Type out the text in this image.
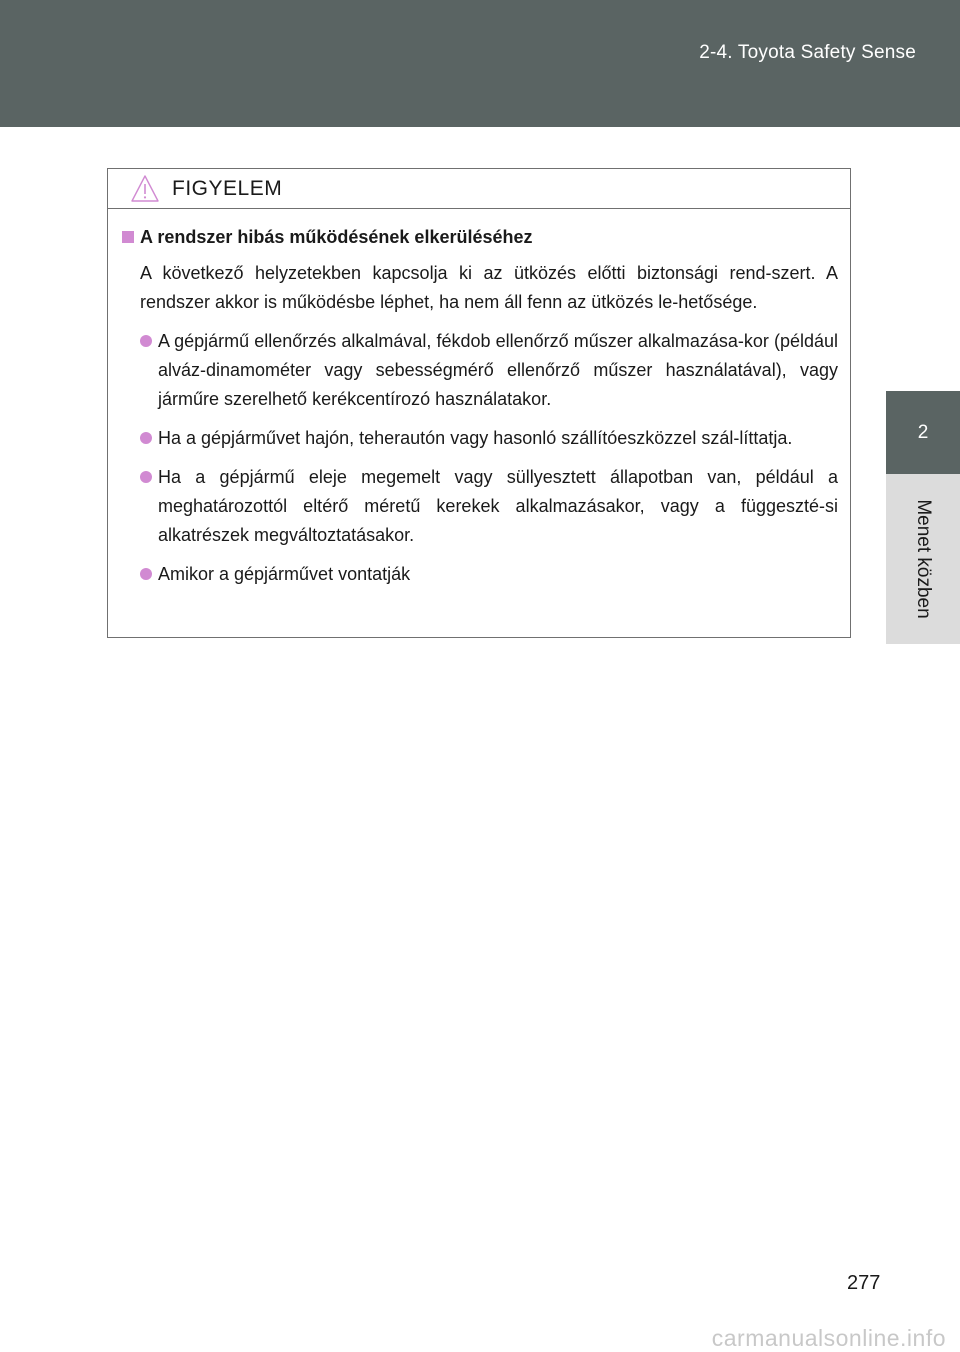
2-4. Toyota Safety Sense
2
Menet közben
FIGYELEM
A rendszer hibás működésének elkerüléséhez

A következő helyzetekben kapcsolja ki az ütközés előtti biztonsági rend-szert. A rendszer akkor is működésbe léphet, ha nem áll fenn az ütközés le-hetősége.

A gépjármű ellenőrzés alkalmával, fékdob ellenőrző műszer alkalmazása-kor (például alváz-dinamométer vagy sebességmérő ellenőrző műszer használatával), vagy járműre szerelhető kerékcentírozó használatakor.
Ha a gépjárművet hajón, teherautón vagy hasonló szállítóeszközzel szál-líttatja.
Ha a gépjármű eleje megemelt vagy süllyesztett állapotban van, például a meghatározottól eltérő méretű kerekek alkalmazásakor, vagy a függeszté-si alkatrészek megváltoztatásakor.
Amikor a gépjárművet vontatják
277
carmanualsonline.info
